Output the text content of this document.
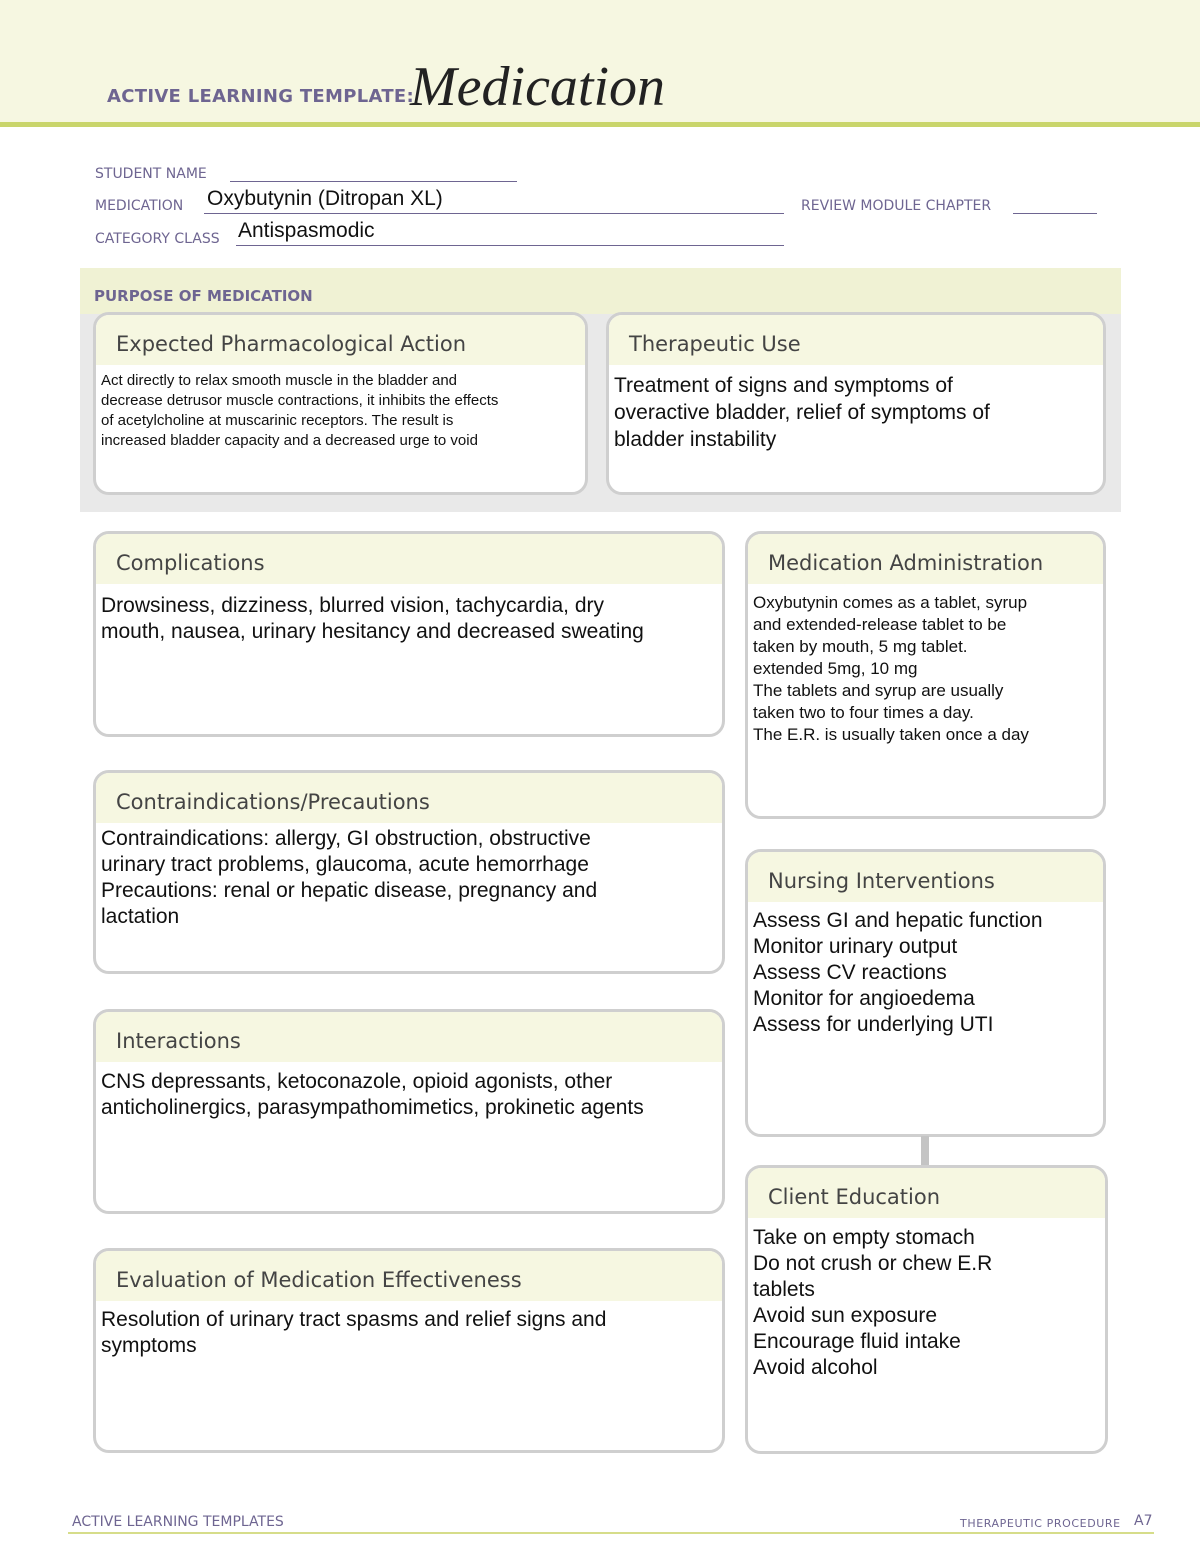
ACTIVE LEARNING TEMPLATE:
Medication
STUDENT NAME
MEDICATION Oxybutynin (Ditropan XL)	REVIEW MODULE CHAPTER
CATEGORY CLASS Antispasmodic
PURPOSE OF MEDICATION
Expected Pharmacological Action
Act directly to relax smooth muscle in the bladder and
decrease detrusor muscle contractions, it inhibits the effects
of acetylcholine at muscarinic receptors. The result is
increased bladder capacity and a decreased urge to void
Therapeutic Use
Treatment of signs and symptoms of
overactive bladder, relief of symptoms of
bladder instability
Complications
Drowsiness, dizziness, blurred vision, tachycardia, dry
mouth, nausea, urinary hesitancy and decreased sweating
Contraindications/Precautions
Contraindications: allergy, GI obstruction, obstructive
urinary tract problems, glaucoma, acute hemorrhage
Precautions: renal or hepatic disease, pregnancy and
lactation
Interactions
CNS depressants, ketoconazole, opioid agonists, other
anticholinergics, parasympathomimetics, prokinetic agents
Evaluation of Medication Effectiveness
Resolution of urinary tract spasms and relief signs and
symptoms
Medication Administration
Oxybutynin comes as a tablet, syrup
and extended-release tablet to be
taken by mouth, 5 mg tablet.
extended 5mg, 10 mg
The tablets and syrup are usually
taken two to four times a day.
The E.R. is usually taken once a day
Nursing Interventions
Assess GI and hepatic function
Monitor urinary output
Assess CV reactions
Monitor for angioedema
Assess for underlying UTI
Client Education
Take on empty stomach
Do not crush or chew E.R
tablets
Avoid sun exposure
Encourage fluid intake
Avoid alcohol
ACTIVE LEARNING TEMPLATES	THERAPEUTIC PROCEDURE A7
